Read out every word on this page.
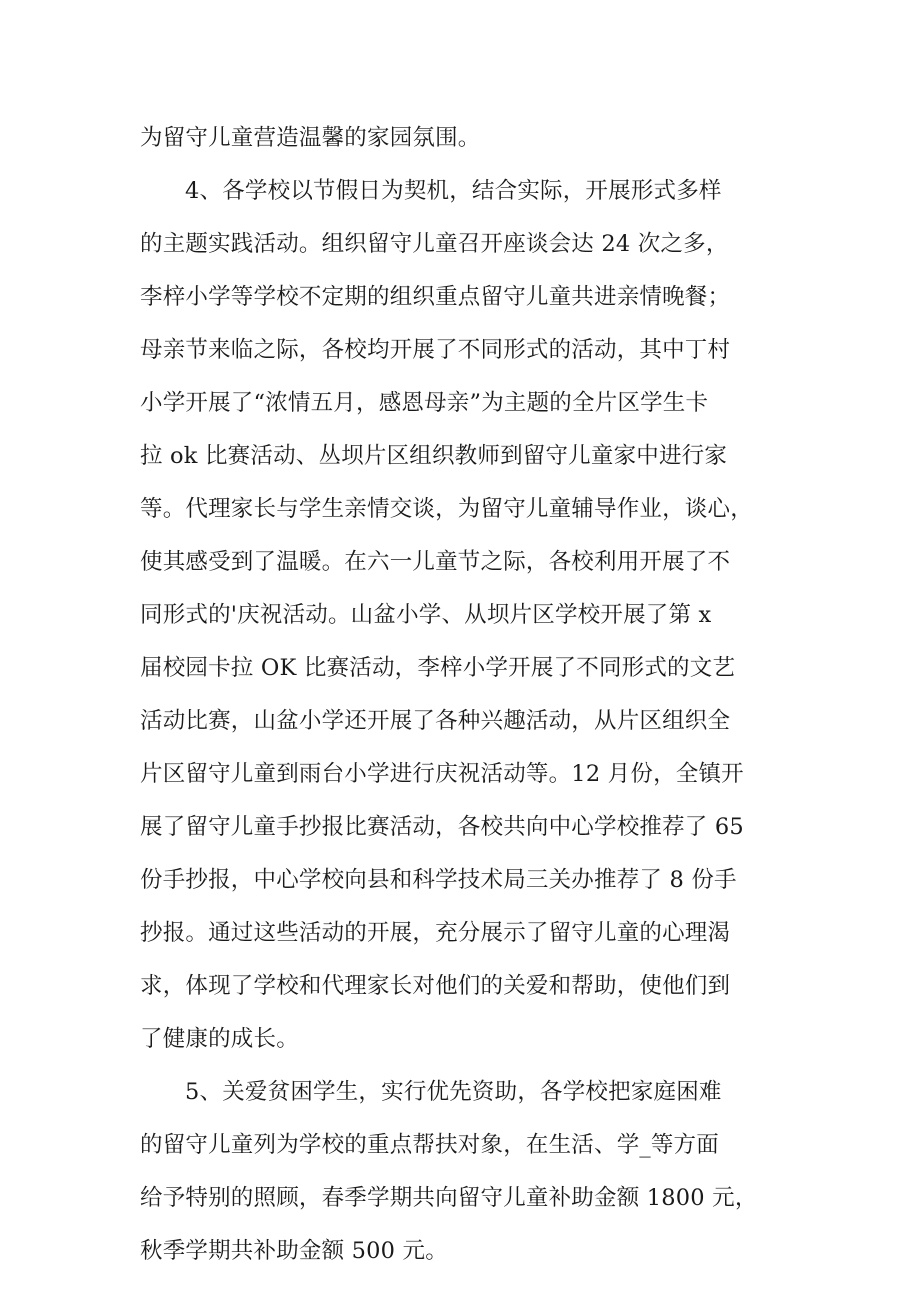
为留守儿童营造温馨的家园氛围。
4、各学校以节假日为契机，结合实际，开展形式多样
的主题实践活动。组织留守儿童召开座谈会达 24 次之多，
李梓小学等学校不定期的组织重点留守儿童共进亲情晚餐；
母亲节来临之际，各校均开展了不同形式的活动，其中丁村
小学开展了“浓情五月，感恩母亲”为主题的全片区学生卡
拉 ok 比赛活动、丛坝片区组织教师到留守儿童家中进行家
等。代理家长与学生亲情交谈，为留守儿童辅导作业，谈心，
使其感受到了温暖。在六一儿童节之际，各校利用开展了不
同形式的'庆祝活动。山盆小学、从坝片区学校开展了第 x
届校园卡拉 OK 比赛活动，李梓小学开展了不同形式的文艺
活动比赛，山盆小学还开展了各种兴趣活动，从片区组织全
片区留守儿童到雨台小学进行庆祝活动等。12 月份，全镇开
展了留守儿童手抄报比赛活动，各校共向中心学校推荐了 65
份手抄报，中心学校向县和科学技术局三关办推荐了 8 份手
抄报。通过这些活动的开展，充分展示了留守儿童的心理渴
求，体现了学校和代理家长对他们的关爱和帮助，使他们到
了健康的成长。
5、关爱贫困学生，实行优先资助，各学校把家庭困难
的留守儿童列为学校的重点帮扶对象，在生活、学_等方面
给予特别的照顾，春季学期共向留守儿童补助金额 1800 元，
秋季学期共补助金额 500 元。
